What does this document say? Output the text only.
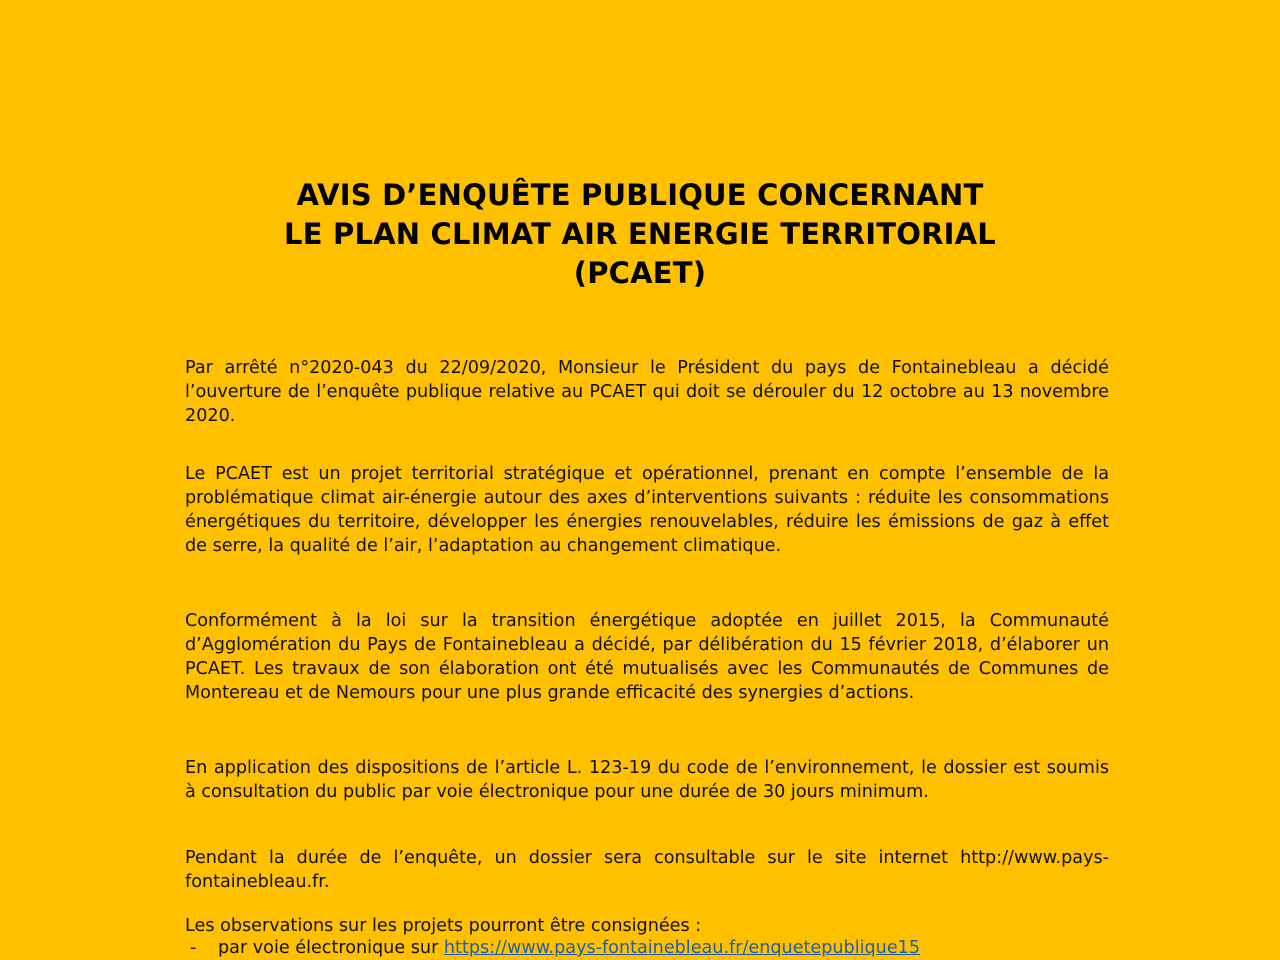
AVIS D’ENQUÊTE PUBLIQUE CONCERNANT
LE PLAN CLIMAT AIR ENERGIE TERRITORIAL
(PCAET)

Par arrêté n°2020-043 du 22/09/2020, Monsieur le Président du pays de Fontainebleau a décidé l’ouverture de l’enquête publique relative au PCAET qui doit se dérouler du 12 octobre au 13 novembre 2020.

Le PCAET est un projet territorial stratégique et opérationnel, prenant en compte l’ensemble de la problématique climat air-énergie autour des axes d’interventions suivants : réduite les consommations énergétiques du territoire, développer les énergies renouvelables, réduire les émissions de gaz à effet de serre, la qualité de l’air, l’adaptation au changement climatique.

Conformément à la loi sur la transition énergétique adoptée en juillet 2015, la Communauté d’Agglomération du Pays de Fontainebleau a décidé, par délibération du 15 février 2018, d’élaborer un PCAET. Les travaux de son élaboration ont été mutualisés avec les Communautés de Communes de Montereau et de Nemours pour une plus grande efficacité des synergies d’actions.

En application des dispositions de l’article L. 123-19 du code de l’environnement, le dossier est soumis à consultation du public par voie électronique pour une durée de 30 jours minimum.

Pendant la durée de l’enquête, un dossier sera consultable sur le site internet http://www.pays-fontainebleau.fr.

Les observations sur les projets pourront être consignées :

- par voie électronique sur https://www.pays-fontainebleau.fr/enquetepublique15
